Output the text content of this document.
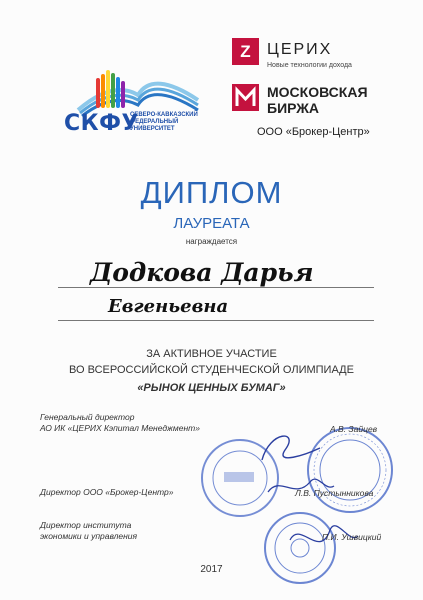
СКФУ
СЕВЕРО-КАВКАЗСКИЙ
ФЕДЕРАЛЬНЫЙ
УНИВЕРСИТЕТ
Z	ЦЕРИХ
Новые технологии дохода
МОСКОВСКАЯ
БИРЖА
ООО «Брокер-Центр»
ДИПЛОМ
ЛАУРЕАТА
награждается
Додкова Дарья
Евгеньевна
ЗА АКТИВНОЕ УЧАСТИЕ
ВО ВСЕРОССИЙСКОЙ СТУДЕНЧЕСКОЙ ОЛИМПИАДЕ
«РЫНОК ЦЕННЫХ БУМАГ»
Генеральный директор
АО ИК «ЦЕРИХ Кэпитал Менеджмент»	А.В. Зайцев
Директор ООО «Брокер-Центр»	Л.В. Пустынникова
Директор института
экономики и управления	П.И. Ушвицкий
2017
